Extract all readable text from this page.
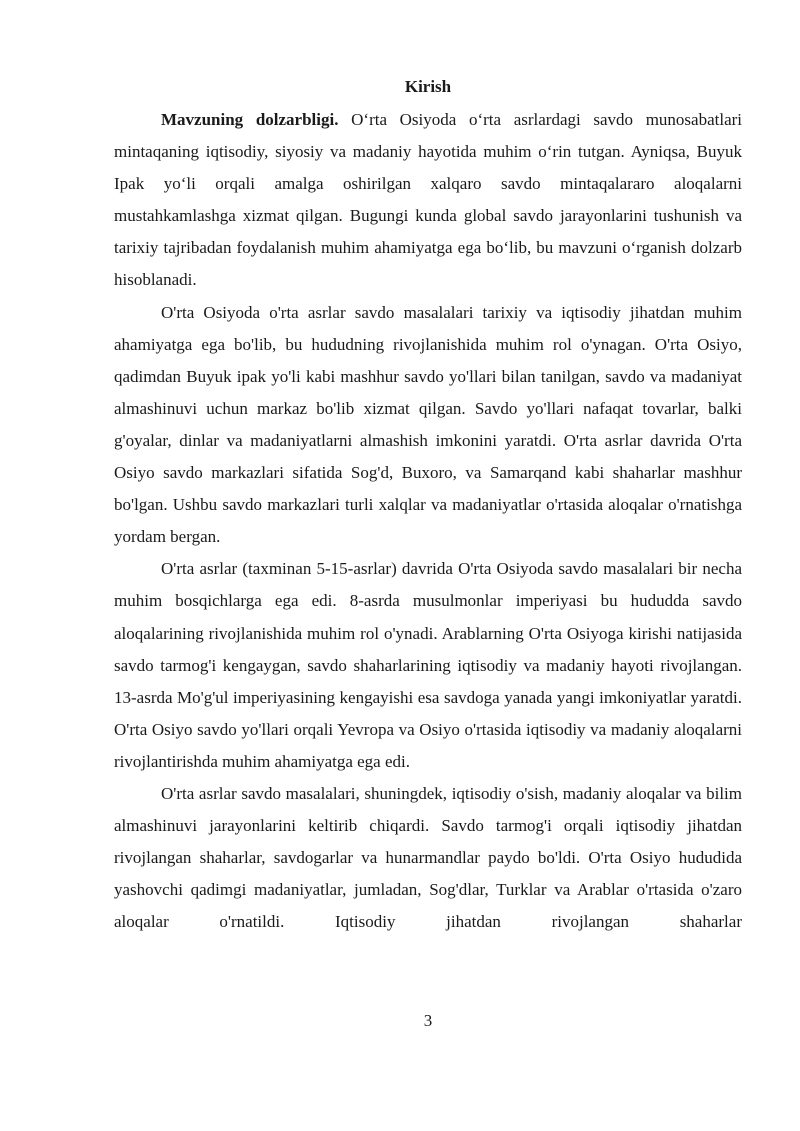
Kirish

Mavzuning dolzarbligi. O‘rta Osiyoda o‘rta asrlardagi savdo munosabatlari mintaqaning iqtisodiy, siyosiy va madaniy hayotida muhim o‘rin tutgan. Ayniqsa, Buyuk Ipak yo‘li orqali amalga oshirilgan xalqaro savdo mintaqalararo aloqalarni mustahkamlashga xizmat qilgan. Bugungi kunda global savdo jarayonlarini tushunish va tarixiy tajribadan foydalanish muhim ahamiyatga ega bo‘lib, bu mavzuni o‘rganish dolzarb hisoblanadi.

O'rta Osiyoda o'rta asrlar savdo masalalari tarixiy va iqtisodiy jihatdan muhim ahamiyatga ega bo'lib, bu hududning rivojlanishida muhim rol o'ynagan. O'rta Osiyo, qadimdan Buyuk ipak yo'li kabi mashhur savdo yo'llari bilan tanilgan, savdo va madaniyat almashinuvi uchun markaz bo'lib xizmat qilgan. Savdo yo'llari nafaqat tovarlar, balki g'oyalar, dinlar va madaniyatlarni almashish imkonini yaratdi. O'rta asrlar davrida O'rta Osiyo savdo markazlari sifatida Sog'd, Buxoro, va Samarqand kabi shaharlar mashhur bo'lgan. Ushbu savdo markazlari turli xalqlar va madaniyatlar o'rtasida aloqalar o'rnatishga yordam bergan.

O'rta asrlar (taxminan 5-15-asrlar) davrida O'rta Osiyoda savdo masalalari bir necha muhim bosqichlarga ega edi. 8-asrda musulmonlar imperiyasi bu hududda savdo aloqalarining rivojlanishida muhim rol o'ynadi. Arablarning O'rta Osiyoga kirishi natijasida savdo tarmog'i kengaygan, savdo shaharlarining iqtisodiy va madaniy hayoti rivojlangan. 13-asrda Mo'g'ul imperiyasining kengayishi esa savdoga yanada yangi imkoniyatlar yaratdi. O'rta Osiyo savdo yo'llari orqali Yevropa va Osiyo o'rtasida iqtisodiy va madaniy aloqalarni rivojlantirishda muhim ahamiyatga ega edi.

O'rta asrlar savdo masalalari, shuningdek, iqtisodiy o'sish, madaniy aloqalar va bilim almashinuvi jarayonlarini keltirib chiqardi. Savdo tarmog'i orqali iqtisodiy jihatdan rivojlangan shaharlar, savdogarlar va hunarmandlar paydo bo'ldi. O'rta Osiyo hududida yashovchi qadimgi madaniyatlar, jumladan, Sog'dlar, Turklar va Arablar o'rtasida o'zaro aloqalar o'rnatildi. Iqtisodiy jihatdan rivojlangan shaharlar

3
